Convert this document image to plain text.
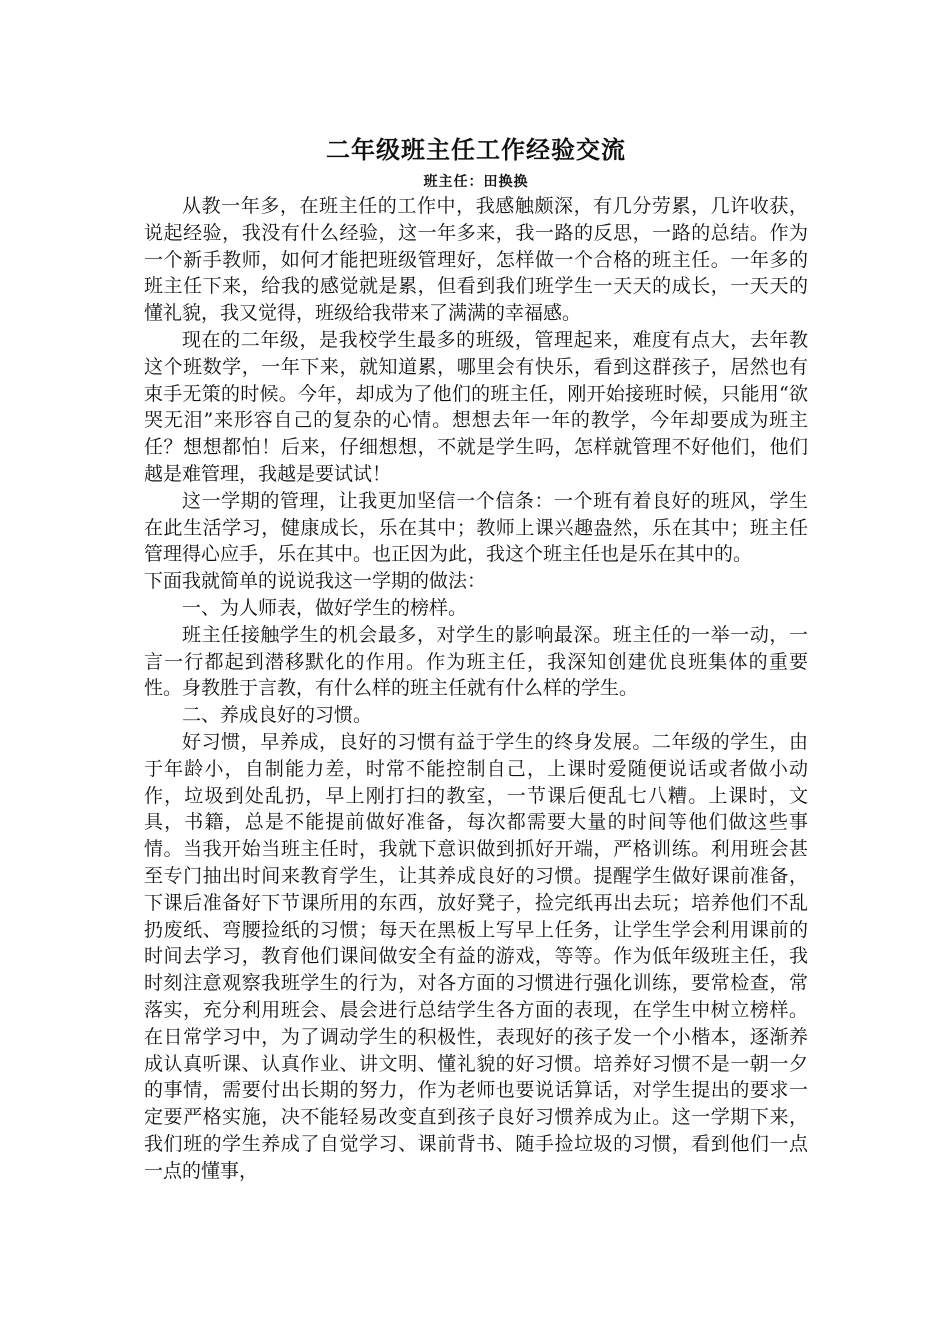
二年级班主任工作经验交流
班主任：田换换

从教一年多，在班主任的工作中，我感触颇深，有几分劳累，几许收获，说起经验，我没有什么经验，这一年多来，我一路的反思，一路的总结。作为一个新手教师，如何才能把班级管理好，怎样做一个合格的班主任。一年多的班主任下来，给我的感觉就是累，但看到我们班学生一天天的成长，一天天的懂礼貌，我又觉得，班级给我带来了满满的幸福感。

现在的二年级，是我校学生最多的班级，管理起来，难度有点大，去年教这个班数学，一年下来，就知道累，哪里会有快乐，看到这群孩子，居然也有束手无策的时候。今年，却成为了他们的班主任，刚开始接班时候，只能用“欲哭无泪”来形容自己的复杂的心情。想想去年一年的教学，今年却要成为班主任？想想都怕！后来，仔细想想，不就是学生吗，怎样就管理不好他们，他们越是难管理，我越是要试试！

这一学期的管理，让我更加坚信一个信条：一个班有着良好的班风，学生在此生活学习，健康成长，乐在其中；教师上课兴趣盎然，乐在其中；班主任管理得心应手，乐在其中。也正因为此，我这个班主任也是乐在其中的。

下面我就简单的说说我这一学期的做法：

一、为人师表，做好学生的榜样。

班主任接触学生的机会最多，对学生的影响最深。班主任的一举一动，一言一行都起到潜移默化的作用。作为班主任，我深知创建优良班集体的重要性。身教胜于言教，有什么样的班主任就有什么样的学生。

二、养成良好的习惯。

好习惯，早养成，良好的习惯有益于学生的终身发展。二年级的学生，由于年龄小，自制能力差，时常不能控制自己，上课时爱随便说话或者做小动作，垃圾到处乱扔，早上刚打扫的教室，一节课后便乱七八糟。上课时，文具，书籍，总是不能提前做好准备，每次都需要大量的时间等他们做这些事情。当我开始当班主任时，我就下意识做到抓好开端，严格训练。利用班会甚至专门抽出时间来教育学生，让其养成良好的习惯。提醒学生做好课前准备，下课后准备好下节课所用的东西，放好凳子，捡完纸再出去玩；培养他们不乱扔废纸、弯腰捡纸的习惯；每天在黑板上写早上任务，让学生学会利用课前的时间去学习，教育他们课间做安全有益的游戏，等等。作为低年级班主任，我时刻注意观察我班学生的行为，对各方面的习惯进行强化训练，要常检查，常落实，充分利用班会、晨会进行总结学生各方面的表现，在学生中树立榜样。在日常学习中，为了调动学生的积极性，表现好的孩子发一个小楷本，逐渐养成认真听课、认真作业、讲文明、懂礼貌的好习惯。培养好习惯不是一朝一夕的事情，需要付出长期的努力，作为老师也要说话算话，对学生提出的要求一定要严格实施，决不能轻易改变直到孩子良好习惯养成为止。这一学期下来，我们班的学生养成了自觉学习、课前背书、随手捡垃圾的习惯，看到他们一点一点的懂事，
